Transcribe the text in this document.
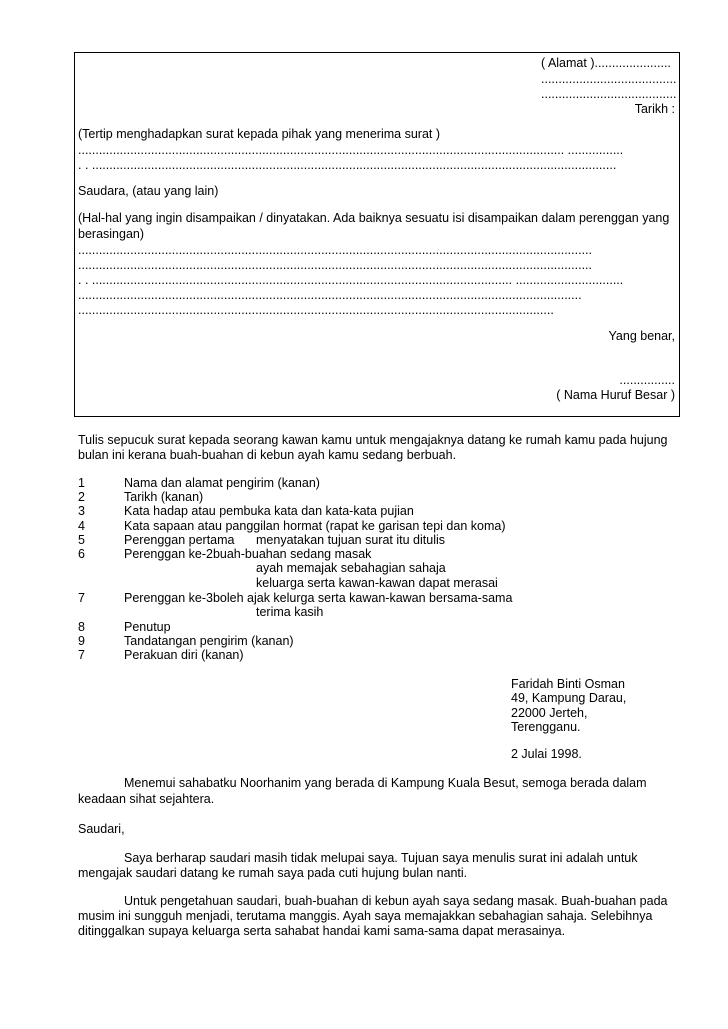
( Alamat )......................
.......................................
.......................................
Tarikh :
(Tertip menghadapkan surat kepada pihak yang menerima surat )
............................................................................................................................................ ................
. . .......................................................................................................................................................
Saudara, (atau yang lain)
(Hal-hal yang ingin disampaikan / dinyatakan. Ada baiknya sesuatu isi disampaikan dalam perenggan yang
berasingan)
....................................................................................................................................................
....................................................................................................................................................
. . ......................................................................................................................... ...............................
.................................................................................................................................................
.........................................................................................................................................
Yang benar,
................
( Nama Huruf Besar )
Tulis sepucuk surat kepada seorang kawan kamu untuk mengajaknya datang ke rumah kamu pada hujung
bulan ini kerana buah-buahan di kebun ayah kamu sedang berbuah.
1	Nama dan alamat pengirim (kanan)
2	Tarikh (kanan)
3	Kata hadap atau pembuka kata dan kata-kata pujian
4	Kata sapaan atau panggilan hormat (rapat ke garisan tepi dan koma)
5	Perenggan pertama menyatakan tujuan surat itu ditulis
6	Perenggan ke-2buah-buahan sedang masak
ayah memajak sebahagian sahaja
keluarga serta kawan-kawan dapat merasai
7	Perenggan ke-3boleh ajak kelurga serta kawan-kawan bersama-sama
terima kasih
8	Penutup
9	Tandatangan pengirim (kanan)
7	Perakuan diri (kanan)
Faridah Binti Osman
49, Kampung Darau,
22000 Jerteh,
Terengganu.
2 Julai 1998.
Menemui sahabatku Noorhanim yang berada di Kampung Kuala Besut, semoga berada dalam
keadaan sihat sejahtera.
Saudari,
Saya berharap saudari masih tidak melupai saya. Tujuan saya menulis surat ini adalah untuk
mengajak saudari datang ke rumah saya pada cuti hujung bulan nanti.
Untuk pengetahuan saudari, buah-buahan di kebun ayah saya sedang masak. Buah-buahan pada
musim ini sungguh menjadi, terutama manggis. Ayah saya memajakkan sebahagian sahaja. Selebihnya
ditinggalkan supaya keluarga serta sahabat handai kami sama-sama dapat merasainya.
